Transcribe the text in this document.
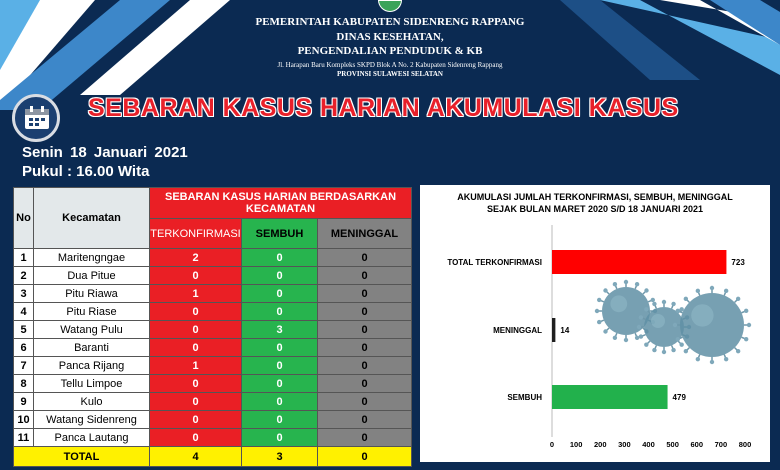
PEMERINTAH KABUPATEN SIDENRENG RAPPANG
DINAS KESEHATAN,
PENGENDALIAN PENDUDUK & KB
Jl. Harapan Baru Kompleks SKPD Blok A No. 2 Kabupaten Sidenreng Rappang
PROVINSI SULAWESI SELATAN
SEBARAN KASUS HARIAN AKUMULASI KASUS
Senin 18 Januari 2021
Pukul : 16.00 Wita
No	Kecamatan	SEBARAN KASUS HARIAN BERDASARKAN KECAMATAN		
		TERKONFIRMASI	SEMBUH	MENINGGAL
1	Maritengngae	2	0	0
2	Dua Pitue	0	0	0
3	Pitu Riawa	1	0	0
4	Pitu Riase	0	0	0
5	Watang Pulu	0	3	0
6	Baranti	0	0	0
7	Panca Rijang	1	0	0
8	Tellu Limpoe	0	0	0
9	Kulo	0	0	0
10	Watang Sidenreng	0	0	0
11	Panca Lautang	0	0	0
TOTAL		4	3	0
TOTAL TERKONFIRMASI	723
MENINGGAL 14
SEMBUH	479
0 100 200 300 400 500 600 700 800
AKUMULASI JUMLAH TERKONFIRMASI, SEMBUH, MENINGGAL
SEJAK BULAN MARET 2020 S/D 18 JANUARI 2021
